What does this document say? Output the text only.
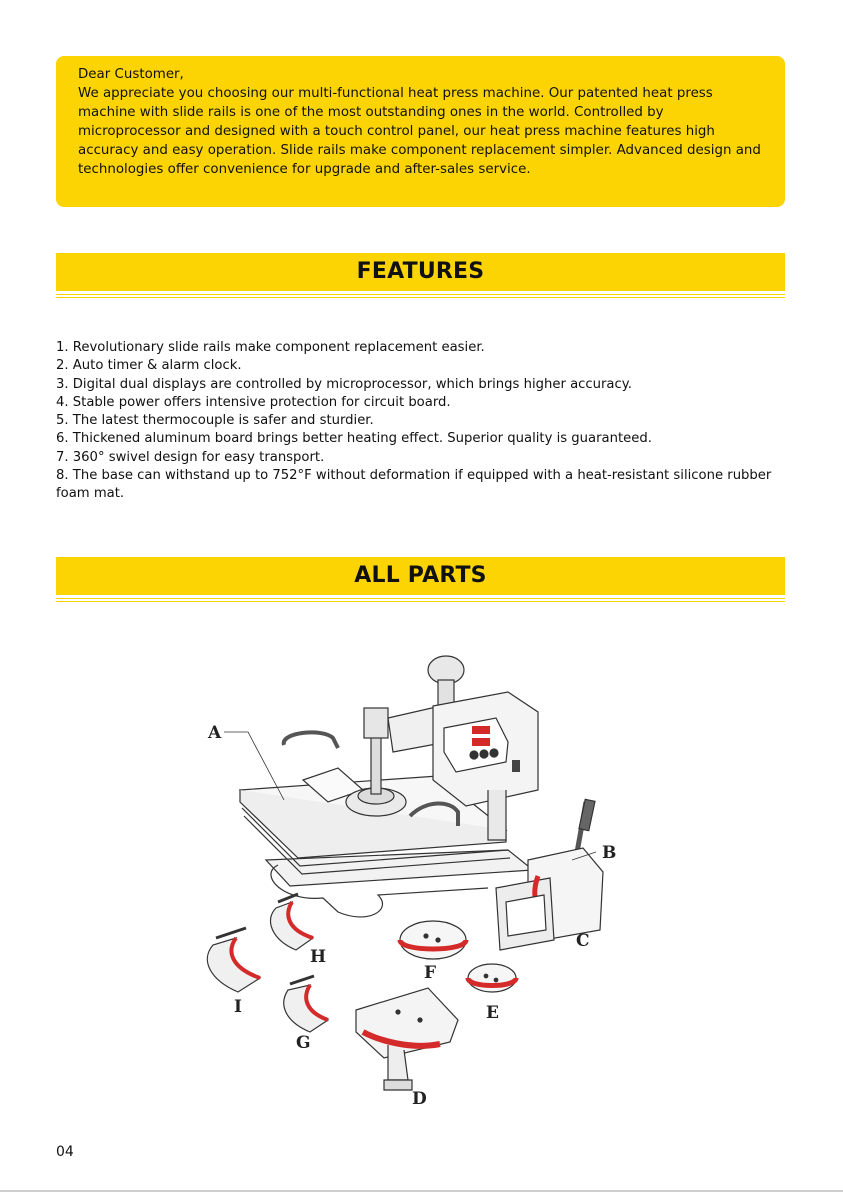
Dear Customer,

We appreciate you choosing our multi-functional heat press machine. Our patented heat press machine with slide rails is one of the most outstanding ones in the world. Controlled by microprocessor and designed with a touch control panel, our heat press machine features high accuracy and easy operation. Slide rails make component replacement simpler. Advanced design and technologies offer convenience for upgrade and after-sales service.

FEATURES
1. Revolutionary slide rails make component replacement easier.
2. Auto timer & alarm clock.
3. Digital dual displays are controlled by microprocessor, which brings higher accuracy.
4. Stable power offers intensive protection for circuit board.
5. The latest thermocouple is safer and sturdier.
6. Thickened aluminum board brings better heating effect. Superior quality is guaranteed.
7. 360° swivel design for easy transport.
8. The base can withstand up to 752°F without deformation if equipped with a heat-resistant silicone rubber foam mat.
ALL PARTS
A
B
C
D
E
F
G
H
I
04
